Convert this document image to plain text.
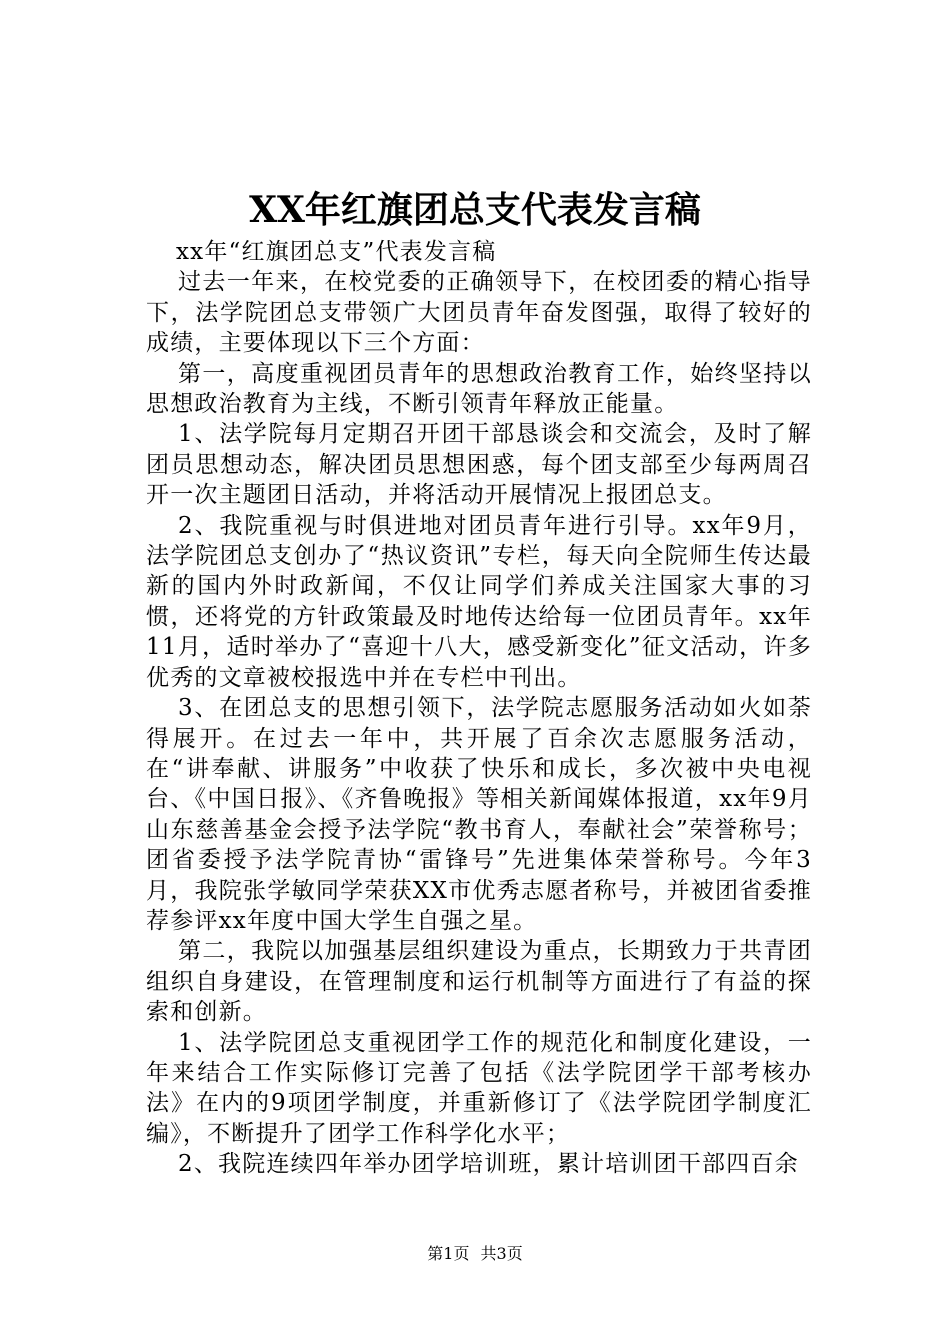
XX年红旗团总支代表发言稿

xx年“红旗团总支”代表发言稿

过去一年来，在校党委的正确领导下，在校团委的精心指导下，法学院团总支带领广大团员青年奋发图强，取得了较好的成绩，主要体现以下三个方面：

第一，高度重视团员青年的思想政治教育工作，始终坚持以思想政治教育为主线，不断引领青年释放正能量。

1、法学院每月定期召开团干部恳谈会和交流会，及时了解团员思想动态，解决团员思想困惑，每个团支部至少每两周召开一次主题团日活动，并将活动开展情况上报团总支。

2、我院重视与时俱进地对团员青年进行引导。xx年9月，法学院团总支创办了“热议资讯”专栏，每天向全院师生传达最新的国内外时政新闻，不仅让同学们养成关注国家大事的习惯，还将党的方针政策最及时地传达给每一位团员青年。xx年11月，适时举办了“喜迎十八大，感受新变化”征文活动，许多优秀的文章被校报选中并在专栏中刊出。

3、在团总支的思想引领下，法学院志愿服务活动如火如荼得展开。在过去一年中，共开展了百余次志愿服务活动，在“讲奉献、讲服务”中收获了快乐和成长，多次被中央电视台、《中国日报》、《齐鲁晚报》等相关新闻媒体报道，xx年9月山东慈善基金会授予法学院“教书育人，奉献社会”荣誉称号；团省委授予法学院青协“雷锋号”先进集体荣誉称号。今年3月，我院张学敏同学荣获XX市优秀志愿者称号，并被团省委推荐参评xx年度中国大学生自强之星。

第二，我院以加强基层组织建设为重点，长期致力于共青团组织自身建设，在管理制度和运行机制等方面进行了有益的探索和创新。

1、法学院团总支重视团学工作的规范化和制度化建设，一年来结合工作实际修订完善了包括《法学院团学干部考核办法》在内的9项团学制度，并重新修订了《法学院团学制度汇编》，不断提升了团学工作科学化水平；

2、我院连续四年举办团学培训班，累计培训团干部四百余

第1页 共3页
